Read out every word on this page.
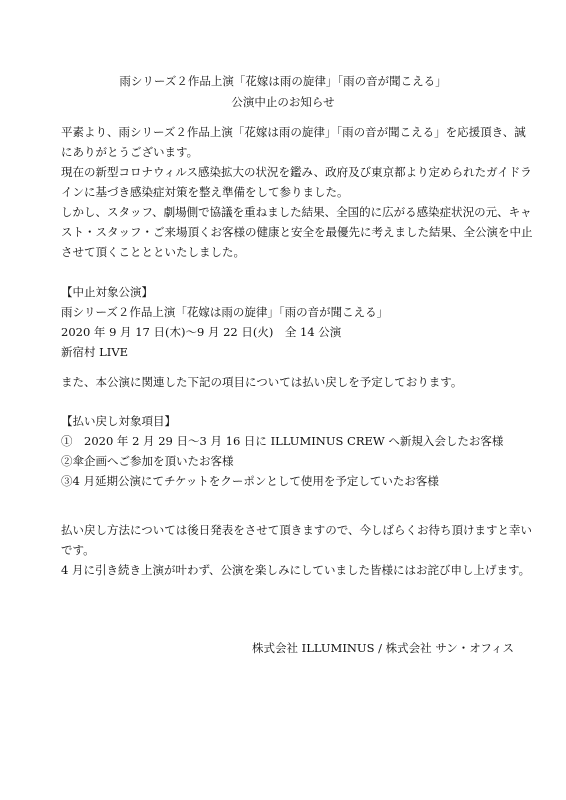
雨シリーズ２作品上演「花嫁は雨の旋律」「雨の音が聞こえる」
公演中止のお知らせ
平素より、雨シリーズ２作品上演「花嫁は雨の旋律」「雨の音が聞こえる」を応援頂き、誠
にありがとうございます。
現在の新型コロナウィルス感染拡大の状況を鑑み、政府及び東京都より定められたガイドラ
インに基づき感染症対策を整え準備をして参りました。
しかし、スタッフ、劇場側で協議を重ねました結果、全国的に広がる感染症状況の元、キャ
スト・スタッフ・ご来場頂くお客様の健康と安全を最優先に考えました結果、全公演を中止
させて頂くこととといたしました。
【中止対象公演】
雨シリーズ２作品上演「花嫁は雨の旋律」「雨の音が聞こえる」
2020 年 9 月 17 日(木)～9 月 22 日(火)　全 14 公演
新宿村 LIVE
また、本公演に関連した下記の項目については払い戻しを予定しております。
【払い戻し対象項目】
①　2020 年 2 月 29 日～3 月 16 日に ILLUMINUS CREW へ新規入会したお客様
②傘企画へご参加を頂いたお客様
③4 月延期公演にてチケットをクーポンとして使用を予定していたお客様
払い戻し方法については後日発表をさせて頂きますので、今しばらくお待ち頂けますと幸い
です。
4 月に引き続き上演が叶わず、公演を楽しみにしていました皆様にはお詫び申し上げます。
株式会社 ILLUMINUS / 株式会社 サン・オフィス
